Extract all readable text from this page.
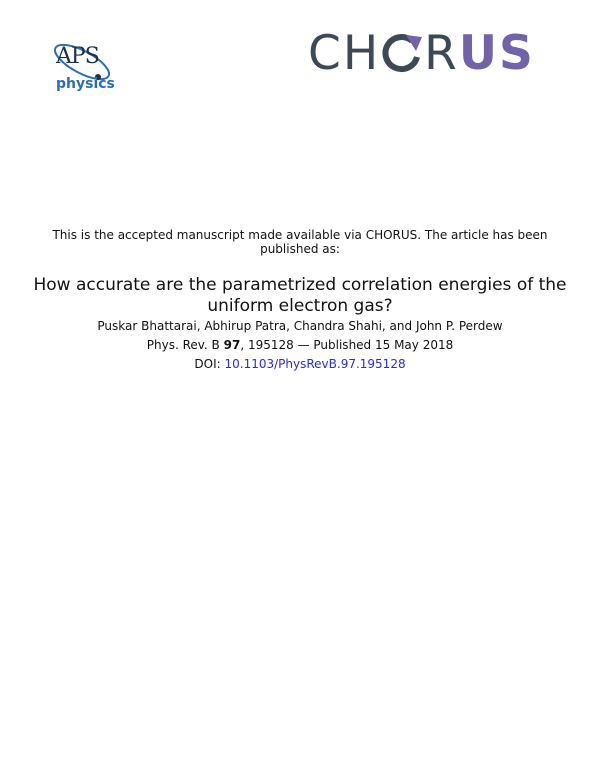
APS
physics
CH RUS
This is the accepted manuscript made available via CHORUS. The article has been published as:
How accurate are the parametrized correlation energies of the uniform electron gas?
Puskar Bhattarai, Abhirup Patra, Chandra Shahi, and John P. Perdew
Phys. Rev. B 97, 195128 — Published 15 May 2018
DOI: 10.1103/PhysRevB.97.195128
